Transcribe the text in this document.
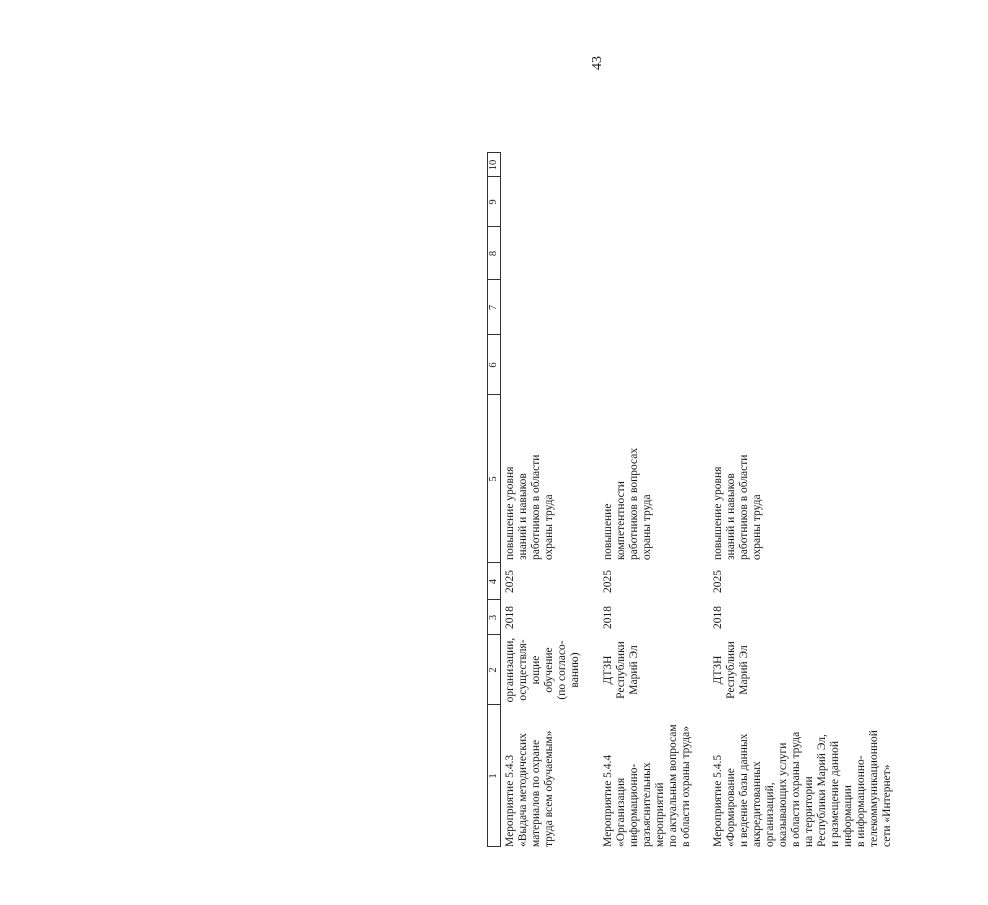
43
1
2
3
4
5
6
7
8
9
10
Мероприятие 5.4.3 «Выдача методических материалов по охране труда всем обучаемым»
организации, осуществля- ющие обучение (по согласо- ванию)
2018
2025
повышение уровня знаний и навыков работников в области охраны труда
Мероприятие 5.4.4 «Организация информационно- разъяснительных мероприятий по актуальным вопросам в области охраны труда»
ДТЗН Республики Марий Эл
2018
2025
повышение компетентности работников в вопросах охраны труда
Мероприятие 5.4.5 «Формирование и ведение базы данных аккредитованных организаций, оказывающих услуги в области охраны труда на территории Республики Марий Эл,
ДТЗН Республики Марий Эл
2018
2025
повышение уровня знаний и навыков работников в области охраны труда
и размещение данной информации в информационно- телекоммуникационной сети «Интернет»
